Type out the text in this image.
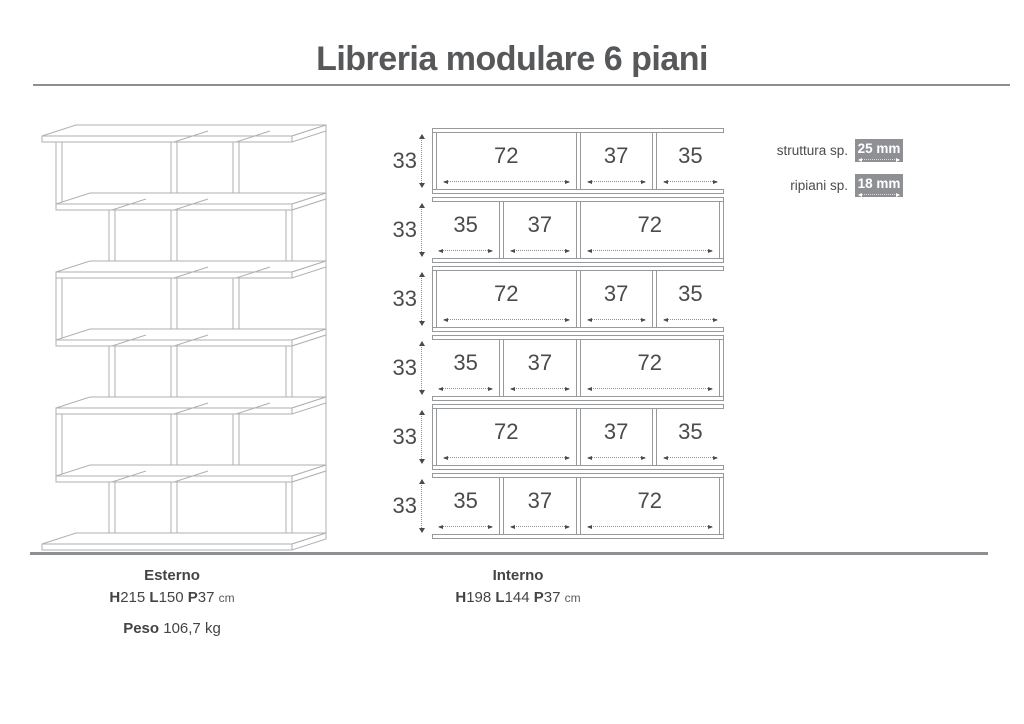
Libreria modulare 6 piani
72	37 35
33
35 37	72
33
72	37 35
33
35 37	72
33
72	37 35
33
35 37	72
33
struttura sp. 25 mm
ripiani sp. 18 mm
Esterno
H215 L150 P37 cm
Peso 106,7 kg
Interno
H198 L144 P37 cm
